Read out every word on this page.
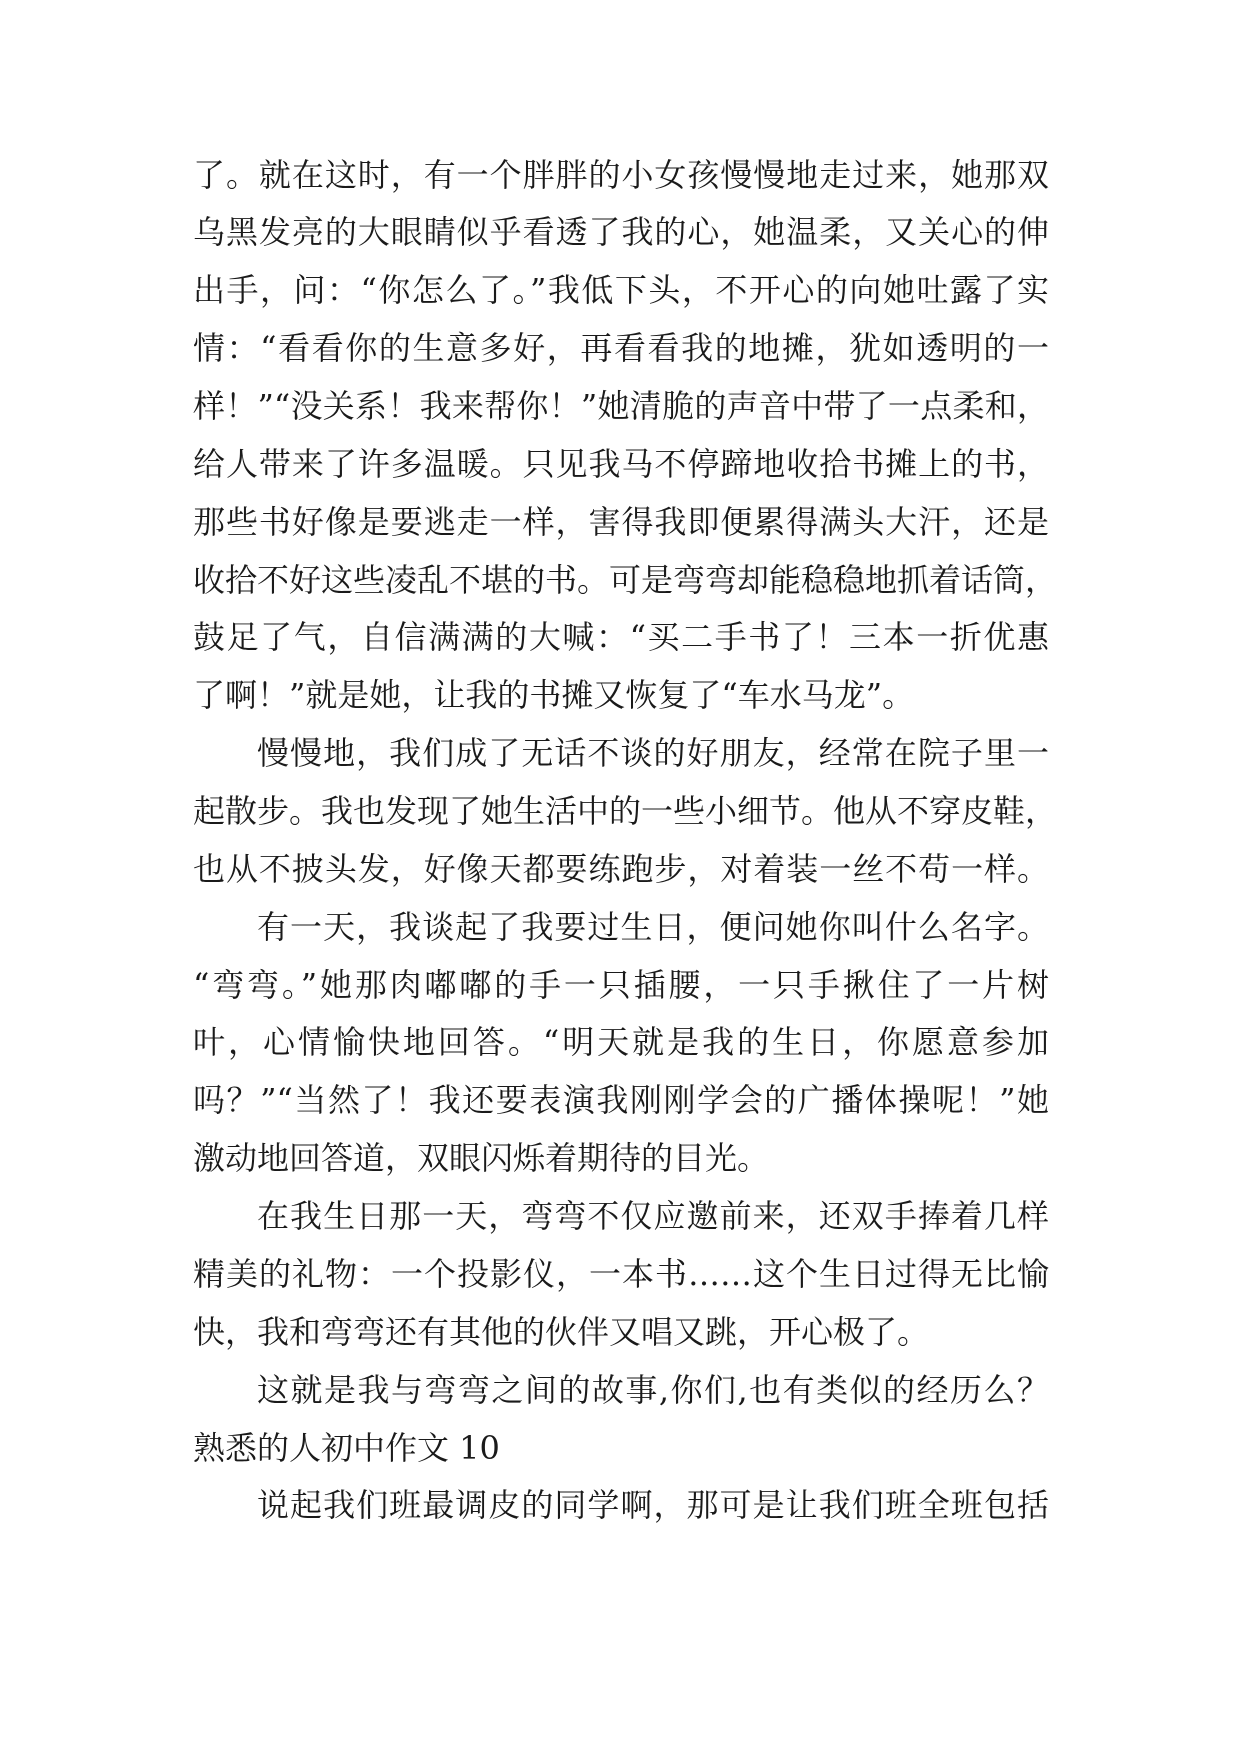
了。就在这时，有一个胖胖的小女孩慢慢地走过来，她那双
乌黑发亮的大眼睛似乎看透了我的心，她温柔，又关心的伸
出手，问：“你怎么了。”我低下头，不开心的向她吐露了实
情：“看看你的生意多好，再看看我的地摊，犹如透明的一
样！”“没关系！我来帮你！”她清脆的声音中带了一点柔和，
给人带来了许多温暖。只见我马不停蹄地收拾书摊上的书，
那些书好像是要逃走一样，害得我即便累得满头大汗，还是
收拾不好这些凌乱不堪的书。可是弯弯却能稳稳地抓着话筒，
鼓足了气，自信满满的大喊：“买二手书了！三本一折优惠
了啊！”就是她，让我的书摊又恢复了“车水马龙”。
慢慢地，我们成了无话不谈的好朋友，经常在院子里一
起散步。我也发现了她生活中的一些小细节。他从不穿皮鞋，
也从不披头发，好像天都要练跑步，对着装一丝不苟一样。
有一天，我谈起了我要过生日，便问她你叫什么名字。
“弯弯。”她那肉嘟嘟的手一只插腰，一只手揪住了一片树
叶，心情愉快地回答。“明天就是我的生日，你愿意参加
吗？”“当然了！我还要表演我刚刚学会的广播体操呢！”她
激动地回答道，双眼闪烁着期待的目光。
在我生日那一天，弯弯不仅应邀前来，还双手捧着几样
精美的礼物：一个投影仪，一本书……这个生日过得无比愉
快，我和弯弯还有其他的伙伴又唱又跳，开心极了。
这就是我与弯弯之间的故事,你们,也有类似的经历么？
熟悉的人初中作文 10
说起我们班最调皮的同学啊，那可是让我们班全班包括
